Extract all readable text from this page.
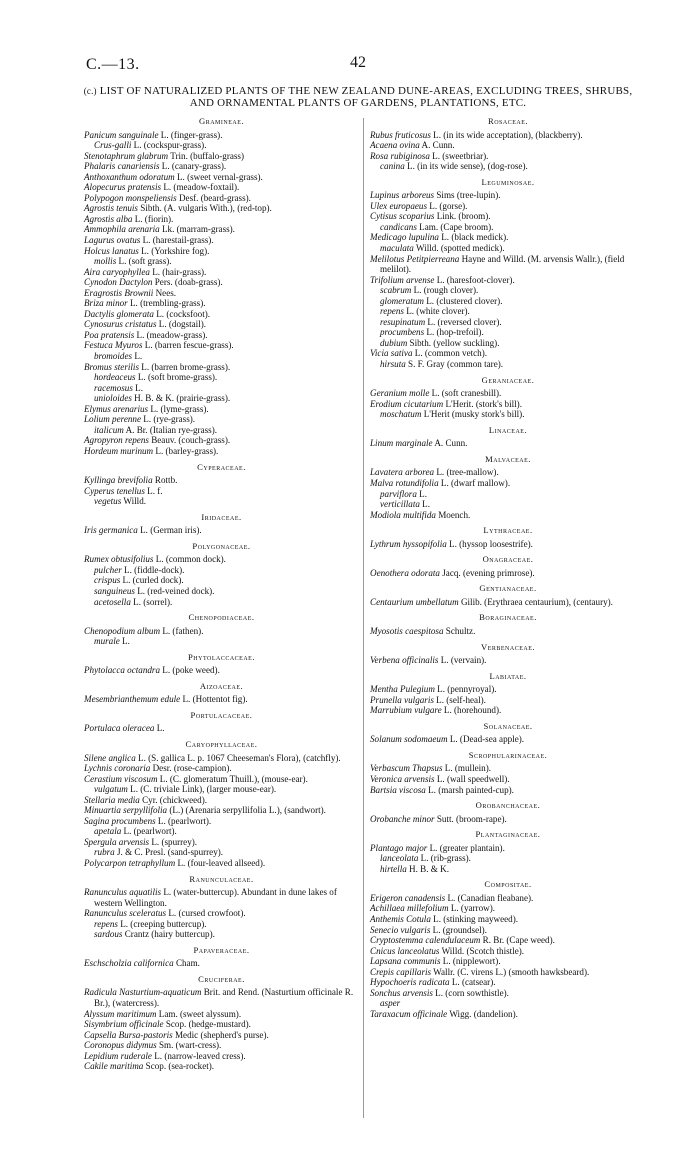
C.—13.	42
(c.) LIST OF NATURALIZED PLANTS OF THE NEW ZEALAND DUNE-AREAS, EXCLUDING TREES, SHRUBS, AND ORNAMENTAL PLANTS OF GARDENS, PLANTATIONS, ETC.
Gramineae.
Panicum sanguinale L. (finger-grass).
Crus-galli L. (cockspur-grass).
Stenotaphrum glabrum Trin. (buffalo-grass)
Phalaris canariensis L. (canary-grass).
Anthoxanthum odoratum L. (sweet vernal-grass).
Alopecurus pratensis L. (meadow-foxtail).
Polypogon monspeliensis Desf. (beard-grass).
Agrostis tenuis Sibth. (A. vulgaris With.), (red-top).
Agrostis alba L. (fiorin).
Ammophila arenaria Lk. (marram-grass).
Lagurus ovatus L. (harestail-grass).
Holcus lanatus L. (Yorkshire fog).
mollis L. (soft grass).
Aira caryophyllea L. (hair-grass).
Cynodon Dactylon Pers. (doab-grass).
Eragrostis Brownii Nees.
Briza minor L. (trembling-grass).
Dactylis glomerata L. (cocksfoot).
Cynosurus cristatus L. (dogstail).
Poa pratensis L. (meadow-grass).
Festuca Myuros L. (barren fescue-grass).
bromoides L.
Bromus sterilis L. (barren brome-grass).
hordeaceus L. (soft brome-grass).
racemosus L.
unioloides H. B. & K. (prairie-grass).
Elymus arenarius L. (lyme-grass).
Lolium perenne L. (rye-grass).
italicum A. Br. (Italian rye-grass).
Agropyron repens Beauv. (couch-grass).
Hordeum murinum L. (barley-grass).
Cyperaceae.
Kyllinga brevifolia Rottb.
Cyperus tenellus L. f.
vegetus Willd.
Iridaceae.
Iris germanica L. (German iris).
Polygonaceae.
Rumex obtusifolius L. (common dock).
pulcher L. (fiddle-dock).
crispus L. (curled dock).
sanguineus L. (red-veined dock).
acetosella L. (sorrel).
Chenopodiaceae.
Chenopodium album L. (fathen).
murale L.
Phytolaccaceae.
Phytolacca octandra L. (poke weed).
Aizoaceae.
Mesembrianthemum edule L. (Hottentot fig).
Portulacaceae.
Portulaca oleracea L.
Caryophyllaceae.
Silene anglica L. (S. gallica L. p. 1067 Cheeseman's Flora), (catchfly).
Lychnis coronaria Desr. (rose-campion).
Cerastium viscosum L. (C. glomeratum Thuill.), (mouse-ear).
vulgatum L. (C. triviale Link), (larger mouse-ear).
Stellaria media Cyr. (chickweed).
Minuartia serpyllifolia (L.) (Arenaria serpyllifolia L.), (sandwort).
Sagina procumbens L. (pearlwort).
apetala L. (pearlwort).
Spergula arvensis L. (spurrey).
rubra J. & C. Presl. (sand-spurrey).
Polycarpon tetraphyllum L. (four-leaved allseed).
Ranunculaceae.
Ranunculus aquatilis L. (water-buttercup). Abundant in dune lakes of western Wellington.
Ranunculus sceleratus L. (cursed crowfoot).
repens L. (creeping buttercup).
sardous Crantz (hairy buttercup).
Papaveraceae.
Eschscholzia californica Cham.
Cruciferae.
Radicula Nasturtium-aquaticum Brit. and Rend. (Nasturtium officinale R. Br.), (watercress).
Alyssum maritimum Lam. (sweet alyssum).
Sisymbrium officinale Scop. (hedge-mustard).
Capsella Bursa-pastoris Medic (shepherd's purse).
Coronopus didymus Sm. (wart-cress).
Lepidium ruderale L. (narrow-leaved cress).
Cakile maritima Scop. (sea-rocket).
Rosaceae.
Rubus fruticosus L. (in its wide acceptation), (blackberry).
Acaena ovina A. Cunn.
Rosa rubiginosa L. (sweetbriar).
canina L. (in its wide sense), (dog-rose).
Leguminosae.
Lupinus arboreus Sims (tree-lupin).
Ulex europaeus L. (gorse).
Cytisus scoparius Link. (broom).
candicans Lam. (Cape broom).
Medicago lupulina L. (black medick).
maculata Willd. (spotted medick).
Melilotus Petitpierreana Hayne and Willd. (M. arvensis Wallr.), (field melilot).
Trifolium arvense L. (haresfoot-clover).
scabrum L. (rough clover).
glomeratum L. (clustered clover).
repens L. (white clover).
resupinatum L. (reversed clover).
procumbens L. (hop-trefoil).
dubium Sibth. (yellow suckling).
Vicia sativa L. (common vetch).
hirsuta S. F. Gray (common tare).
Geraniaceae.
Geranium molle L. (soft cranesbill).
Erodium cicutarium L'Herit. (stork's bill).
moschatum L'Herit (musky stork's bill).
Linaceae.
Linum marginale A. Cunn.
Malvaceae.
Lavatera arborea L. (tree-mallow).
Malva rotundifolia L. (dwarf mallow).
parviflora L.
verticillata L.
Modiola multifida Moench.
Lythraceae.
Lythrum hyssopifolia L. (hyssop loosestrife).
Onagraceae.
Oenothera odorata Jacq. (evening primrose).
Gentianaceae.
Centaurium umbellatum Gilib. (Erythraea centaurium), (centaury).
Boraginaceae.
Myosotis caespitosa Schultz.
Verbenaceae.
Verbena officinalis L. (vervain).
Labiatae.
Mentha Pulegium L. (pennyroyal).
Prunella vulgaris L. (self-heal).
Marrubium vulgare L. (horehound).
Solanaceae.
Solanum sodomaeum L. (Dead-sea apple).
Scrophularinaceae.
Verbascum Thapsus L. (mullein).
Veronica arvensis L. (wall speedwell).
Bartsia viscosa L. (marsh painted-cup).
Orobanchaceae.
Orobanche minor Sutt. (broom-rape).
Plantaginaceae.
Plantago major L. (greater plantain).
lanceolata L. (rib-grass).
hirtella H. B. & K.
Compositae.
Erigeron canadensis L. (Canadian fleabane).
Achillaea millefolium L. (yarrow).
Anthemis Cotula L. (stinking mayweed).
Senecio vulgaris L. (groundsel).
Cryptostemma calendulaceum R. Br. (Cape weed).
Cnicus lanceolatus Willd. (Scotch thistle).
Lapsana communis L. (nipplewort).
Crepis capillaris Wallr. (C. virens L.) (smooth hawksbeard).
Hypochoeris radicata L. (catsear).
Sonchus arvensis L. (corn sowthistle).
asper
Taraxacum officinale Wigg. (dandelion).
